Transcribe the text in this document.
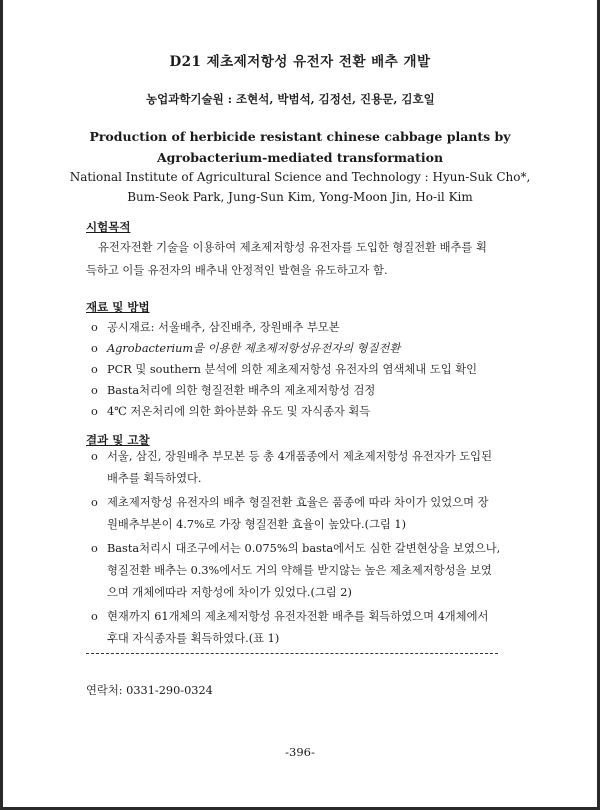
D21 제초제저항성 유전자 전환 배추 개발
농업과학기술원 : 조현석, 박범석, 김정선, 진용문, 김호일
Production of herbicide resistant chinese cabbage plants by
Agrobacterium-mediated transformation
National Institute of Agricultural Science and Technology : Hyun-Suk Cho*,
Bum-Seok Park, Jung-Sun Kim, Yong-Moon Jin, Ho-il Kim
시험목적
유전자전환 기술을 이용하여 제초제저항성 유전자를 도입한 형질전환 배추를 획
득하고 이들 유전자의 배추내 안정적인 발현을 유도하고자 함.
재료 및 방법
o 공시재료: 서울배추, 삼진배추, 장원배추 부모본
o Agrobacterium을 이용한 제초제저항성유전자의 형질전환
o PCR 및 southern 분석에 의한 제초제저항성 유전자의 염색체내 도입 확인
o Basta처리에 의한 형질전환 배추의 제초제저항성 검정
o 4℃ 저온처리에 의한 화아분화 유도 및 자식종자 획득
결과 및 고찰
o 서울, 삼진, 장원배추 부모본 등 총 4개품종에서 제초제저항성 유전자가 도입된
배추를 획득하였다.
o 제초제저항성 유전자의 배추 형질전환 효율은 품종에 따라 차이가 있었으며 장
원배추부본이 4.7%로 가장 형질전환 효율이 높았다.(그림 1)
o Basta처리시 대조구에서는 0.075%의 basta에서도 심한 갈변현상을 보였으나,
형질전환 배추는 0.3%에서도 거의 약해를 받지않는 높은 제초제저항성을 보였
으며 개체에따라 저항성에 차이가 있었다.(그림 2)
o 현재까지 61개체의 제초제저항성 유전자전환 배추를 획득하였으며 4개체에서
후대 자식종자를 획득하였다.(표 1)
연락처: 0331-290-0324
-396-
